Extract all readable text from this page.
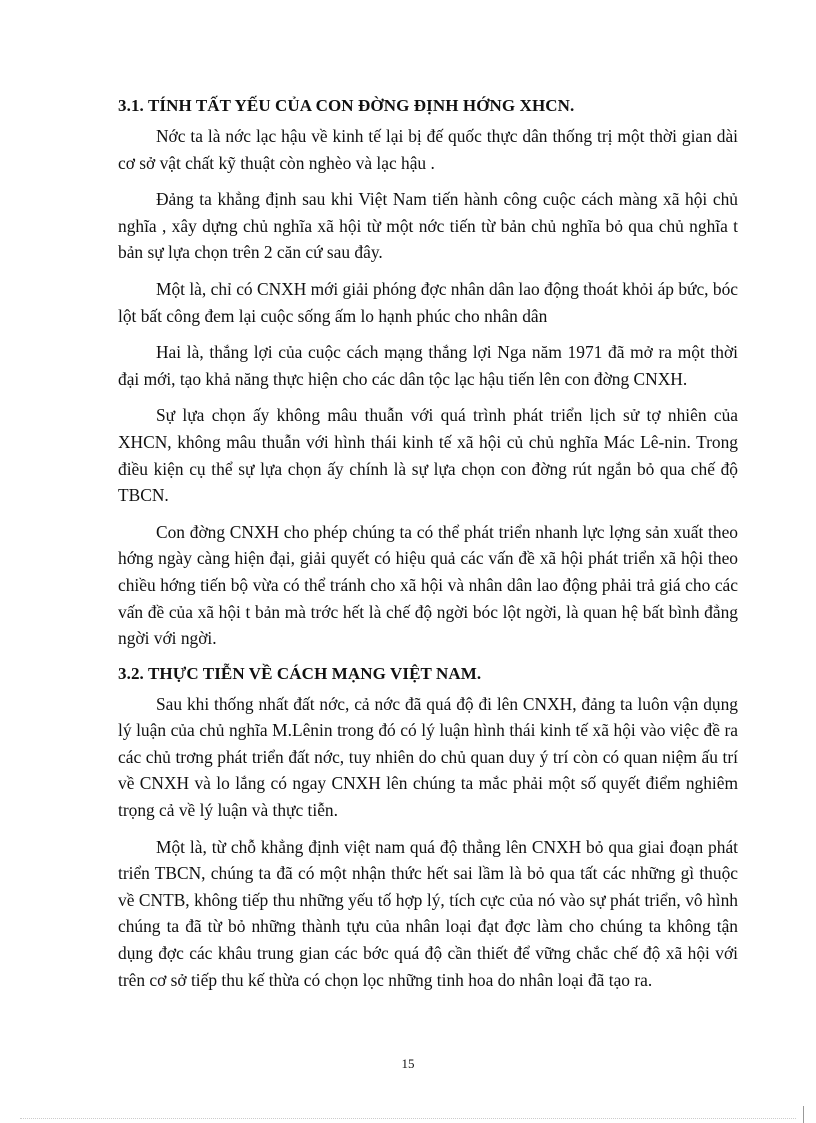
3.1. TÍNH TẤT YẾU CỦA CON ĐỜNG ĐỊNH HỚNG XHCN.

Nớc ta là nớc lạc hậu về kinh tế lại bị đế quốc thực dân thống trị một thời gian dài cơ sở vật chất kỹ thuật còn nghèo và lạc hậu .

Đảng ta khẳng định sau khi Việt Nam tiến hành công cuộc cách màng xã hội chủ nghĩa , xây dựng chủ nghĩa xã hội từ một nớc tiến từ bản chủ nghĩa bỏ qua chủ nghĩa t bản sự lựa chọn trên 2 căn cứ sau đây.

Một là, chỉ có CNXH mới giải phóng đợc nhân dân lao động thoát khỏi áp bức, bóc lột bất công đem lại cuộc sống ấm lo hạnh phúc cho nhân dân

Hai là, thắng lợi của cuộc cách mạng thắng lợi Nga năm 1971 đã mở ra một thời đại mới, tạo khả năng thực hiện cho các dân tộc lạc hậu tiến lên con đờng CNXH.

Sự lựa chọn ấy không mâu thuẫn với quá trình phát triển lịch sử tợ nhiên của XHCN, không mâu thuẫn với hình thái kinh tế xã hội củ chủ nghĩa Mác Lê-nin. Trong điều kiện cụ thể sự lựa chọn ấy chính là sự lựa chọn con đờng rút ngắn bỏ qua chế độ TBCN.

Con đờng CNXH cho phép chúng ta có thể phát triển nhanh lực lợng sản xuất theo hớng ngày càng hiện đại, giải quyết có hiệu quả các vấn đề xã hội phát triển xã hội theo chiều hớng tiến bộ vừa có thể tránh cho xã hội và nhân dân lao động phải trả giá cho các vấn đề của xã hội t bản mà trớc hết là chế độ ngời bóc lột ngời, là quan hệ bất bình đẳng ngời với ngời.

3.2. THỰC TIỄN VỀ CÁCH MẠNG VIỆT NAM.

Sau khi thống nhất đất nớc, cả nớc đã quá độ đi lên CNXH, đảng ta luôn vận dụng lý luận của chủ nghĩa M.Lênin trong đó có lý luận hình thái kinh tế xã hội vào việc đề ra các chủ trơng phát triển đất nớc, tuy nhiên do chủ quan duy ý trí còn có quan niệm ấu trí về CNXH và lo lắng có ngay CNXH lên chúng ta mắc phải một số quyết điểm nghiêm trọng cả về lý luận và thực tiễn.

Một là, từ chỗ khẳng định việt nam quá độ thẳng lên CNXH bỏ qua giai đoạn phát triển TBCN, chúng ta đã có một nhận thức hết sai lầm là bỏ qua tất các những gì thuộc về CNTB, không tiếp thu những yếu tố hợp lý, tích cực của nó vào sự phát triển, vô hình chúng ta đã từ bỏ những thành tựu của nhân loại đạt đợc làm cho chúng ta không tận dụng đợc các khâu trung gian các bớc quá độ cần thiết để vững chắc chế độ xã hội với trên cơ sở tiếp thu kế thừa có chọn lọc những tinh hoa do nhân loại đã tạo ra.

15
